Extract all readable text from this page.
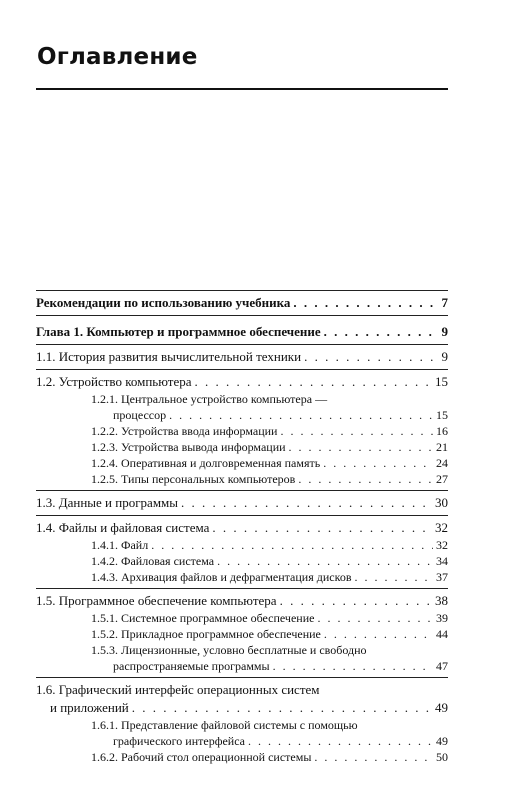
Оглавление
Рекомендации по использованию учебника . . .	7
Глава 1. Компьютер и программное обеспечение . . .	9
1.1. История развития вычислительной техники . . .	9
1.2. Устройство компьютера . . .	15
1.2.1. Центральное устройство компьютера —
процессор . . .	15
1.2.2. Устройства ввода информации . . .	16
1.2.3. Устройства вывода информации . . .	21
1.2.4. Оперативная и долговременная память . . .	24
1.2.5. Типы персональных компьютеров . . .	27
1.3. Данные и программы . . .	30
1.4. Файлы и файловая система . . .	32
1.4.1. Файл . . .	32
1.4.2. Файловая система . . .	34
1.4.3. Архивация файлов и дефрагментация дисков . . .	37
1.5. Программное обеспечение компьютера . . .	38
1.5.1. Системное программное обеспечение . . .	39
1.5.2. Прикладное программное обеспечение . . .	44
1.5.3. Лицензионные, условно бесплатные и свободно
распространяемые программы . . .	47
1.6. Графический интерфейс операционных систем
и приложений . . .	49
1.6.1. Представление файловой системы с помощью
графического интерфейса . . .	49
1.6.2. Рабочий стол операционной системы . . .	50
